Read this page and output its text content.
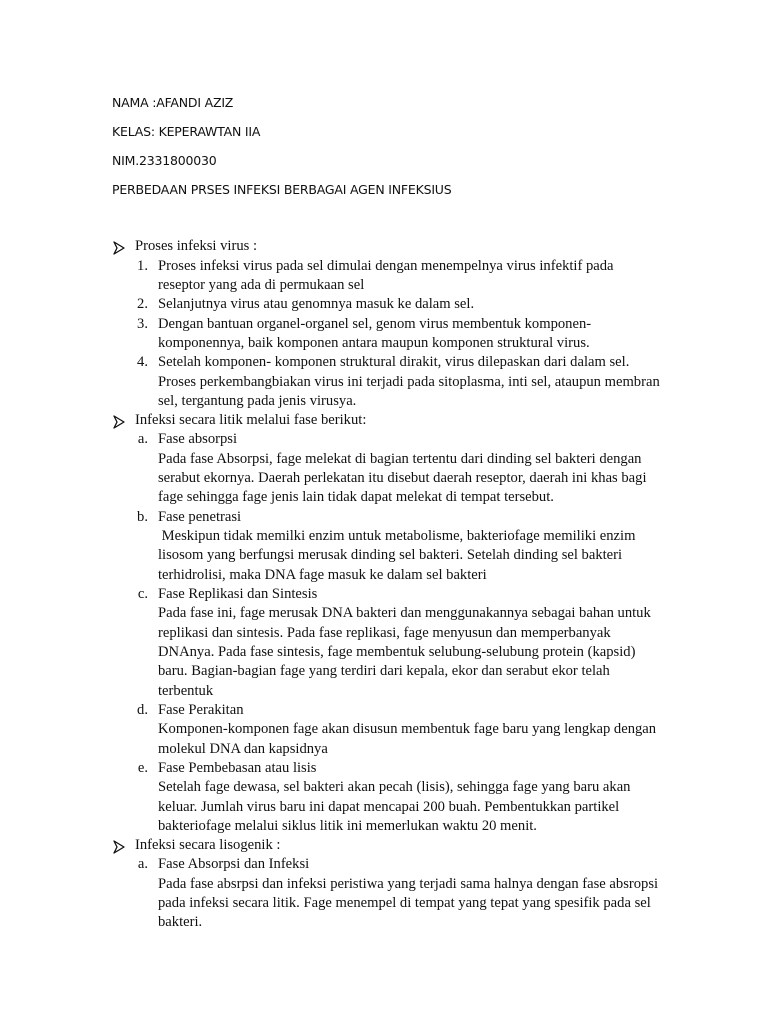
NAMA :AFANDI AZIZ
KELAS: KEPERAWTAN IIA
NIM.2331800030
PERBEDAAN PRSES INFEKSI BERBAGAI AGEN INFEKSIUS
Proses infeksi virus :
1. Proses infeksi virus pada sel dimulai dengan menempelnya virus infektif pada
reseptor yang ada di permukaan sel
2. Selanjutnya virus atau genomnya masuk ke dalam sel.
3. Dengan bantuan organel-organel sel, genom virus membentuk komponen-
komponennya, baik komponen antara maupun komponen struktural virus.
4. Setelah komponen- komponen struktural dirakit, virus dilepaskan dari dalam sel.
Proses perkembangbiakan virus ini terjadi pada sitoplasma, inti sel, ataupun membran
sel, tergantung pada jenis virusya.
Infeksi secara litik melalui fase berikut:
a. Fase absorpsi
Pada fase Absorpsi, fage melekat di bagian tertentu dari dinding sel bakteri dengan
serabut ekornya. Daerah perlekatan itu disebut daerah reseptor, daerah ini khas bagi
fage sehingga fage jenis lain tidak dapat melekat di tempat tersebut.
b. Fase penetrasi
Meskipun tidak memilki enzim untuk metabolisme, bakteriofage memiliki enzim
lisosom yang berfungsi merusak dinding sel bakteri. Setelah dinding sel bakteri
terhidrolisi, maka DNA fage masuk ke dalam sel bakteri
c. Fase Replikasi dan Sintesis
Pada fase ini, fage merusak DNA bakteri dan menggunakannya sebagai bahan untuk
replikasi dan sintesis. Pada fase replikasi, fage menyusun dan memperbanyak
DNAnya. Pada fase sintesis, fage membentuk selubung-selubung protein (kapsid)
baru. Bagian-bagian fage yang terdiri dari kepala, ekor dan serabut ekor telah
terbentuk
d. Fase Perakitan
Komponen-komponen fage akan disusun membentuk fage baru yang lengkap dengan
molekul DNA dan kapsidnya
e. Fase Pembebasan atau lisis
Setelah fage dewasa, sel bakteri akan pecah (lisis), sehingga fage yang baru akan
keluar. Jumlah virus baru ini dapat mencapai 200 buah. Pembentukkan partikel
bakteriofage melalui siklus litik ini memerlukan waktu 20 menit.
Infeksi secara lisogenik :
a. Fase Absorpsi dan Infeksi
Pada fase absrpsi dan infeksi peristiwa yang terjadi sama halnya dengan fase absropsi
pada infeksi secara litik. Fage menempel di tempat yang tepat yang spesifik pada sel
bakteri.
